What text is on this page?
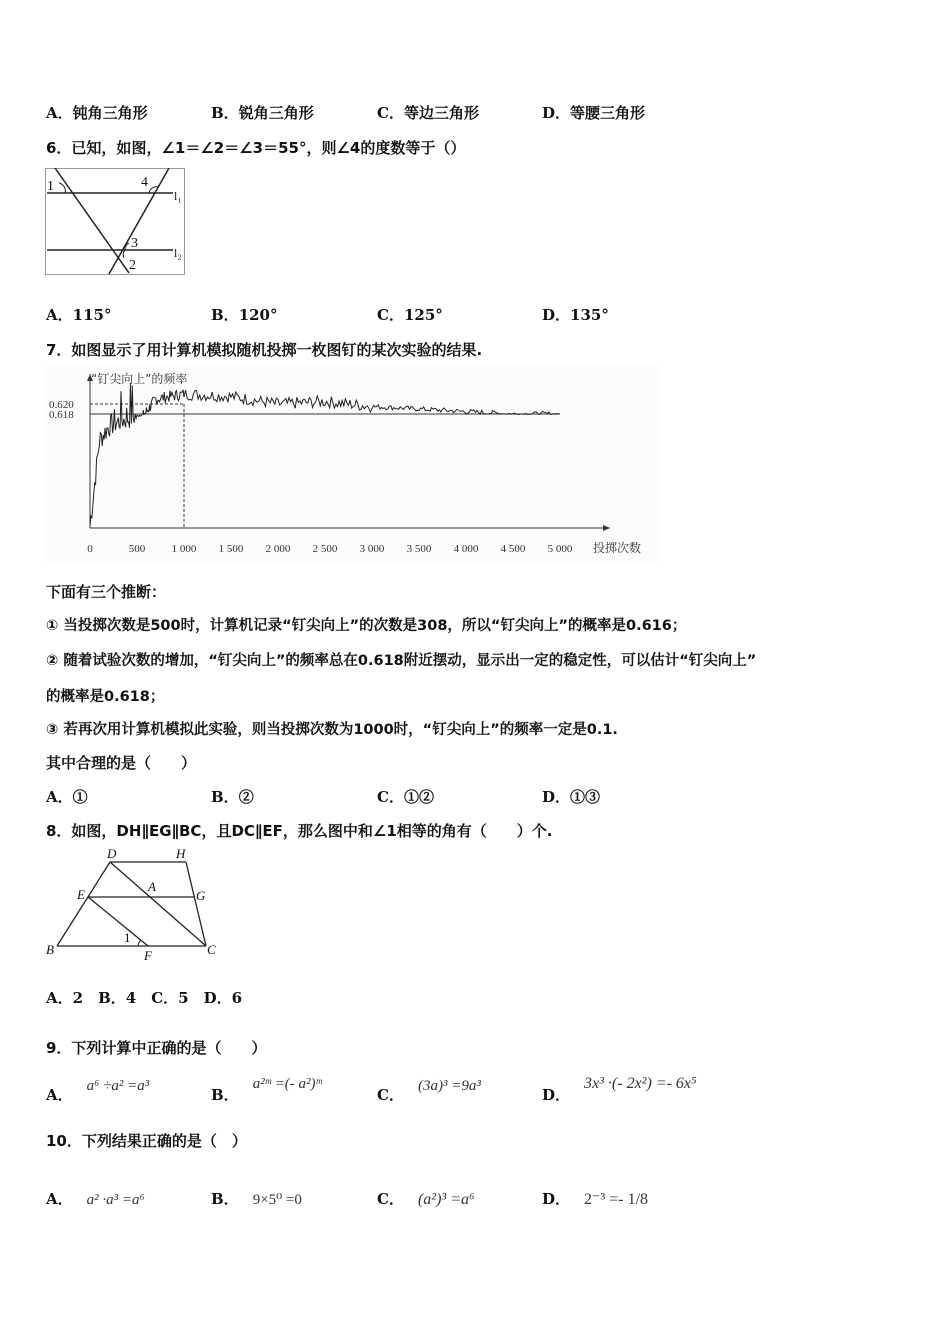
A．钝角三角形	B．锐角三角形	C．等边三角形	D．等腰三角形
6．已知，如图，∠1＝∠2＝∠3＝55°，则∠4的度数等于（）
1	4
l₁
3
l₂
2
A．115°	B．120°	C．125°	D．135°
7．如图显示了用计算机模拟随机投掷一枚图钉的某次实验的结果.
0.620
0.618
0	500 1 000 1 500 2 000 2 500 3 000 3 500 4 000 4 500 5 000
“钉尖向上”的频率
投掷次数
下面有三个推断：
① 当投掷次数是500时，计算机记录“钉尖向上”的次数是308，所以“钉尖向上”的概率是0.616；
② 随着试验次数的增加，“钉尖向上”的频率总在0.618附近摆动，显示出一定的稳定性，可以估计“钉尖向上”
的概率是0.618；
③ 若再次用计算机模拟此实验，则当投掷次数为1000时，“钉尖向上”的频率一定是0.1.
其中合理的是（　　）
A．①	B．②	C．①②	D．①③
8．如图，DH∥EG∥BC，且DC∥EF，那么图中和∠1相等的角有（　　）个.
D	H
E
A
G
B
1
F	C
A．2　B．4　C．5　D．6
9．下列计算中正确的是（　　）
A． a⁶ ÷a² =a³	B．a²ᵐ =(- a²)ᵐ
C． (3a)³ =9a³	D．3x³ ·(- 2x²) =- 6x⁵
10．下列结果正确的是（　）
A． a² ·a³ =a⁶	B． 9×5⁰ =0	C． (a²)³ =a⁶	D． 2⁻³ =- 1/8
